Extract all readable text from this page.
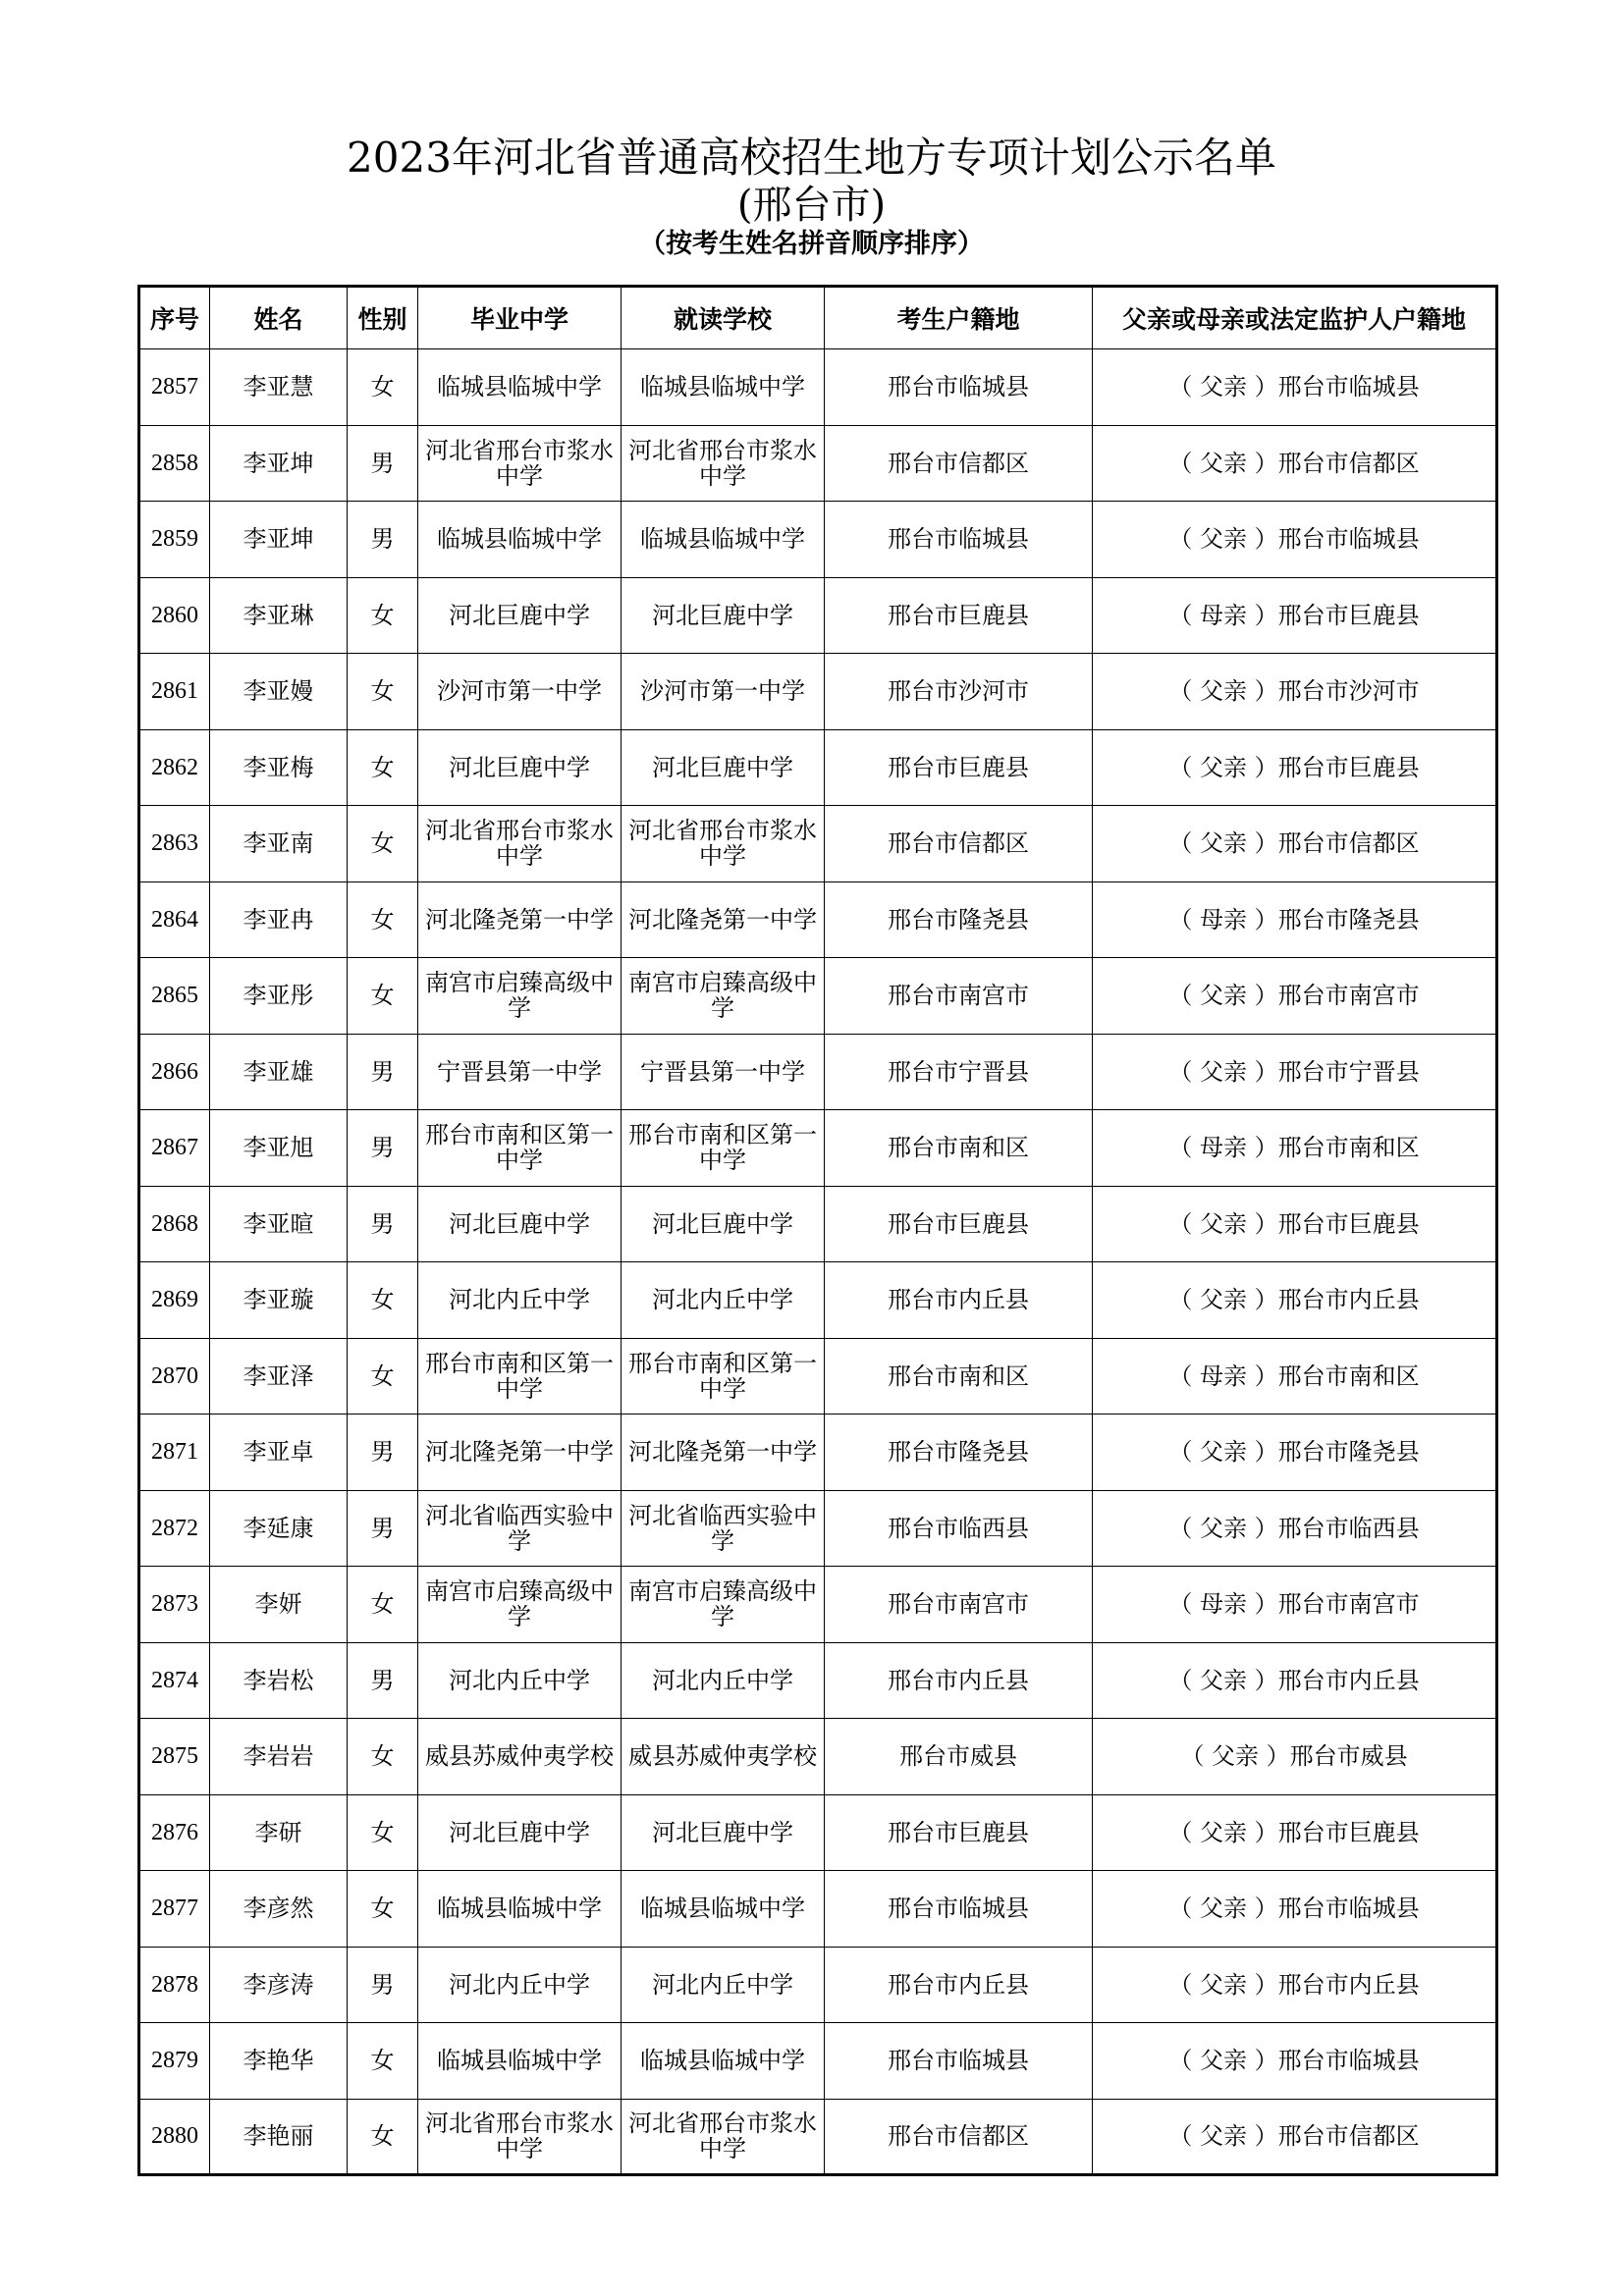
2023年河北省普通高校招生地方专项计划公示名单
(邢台市)
（按考生姓名拼音顺序排序）
序号	姓名	性别	毕业中学	就读学校	考生户籍地	父亲或母亲或法定监护人户籍地
2857	李亚慧	女	临城县临城中学	临城县临城中学	邢台市临城县	（ 父亲 ）邢台市临城县
2858	李亚坤	男	河北省邢台市浆水中学	河北省邢台市浆水中学	邢台市信都区	（ 父亲 ）邢台市信都区
2859	李亚坤	男	临城县临城中学	临城县临城中学	邢台市临城县	（ 父亲 ）邢台市临城县
2860	李亚琳	女	河北巨鹿中学	河北巨鹿中学	邢台市巨鹿县	（ 母亲 ）邢台市巨鹿县
2861	李亚嫚	女	沙河市第一中学	沙河市第一中学	邢台市沙河市	（ 父亲 ）邢台市沙河市
2862	李亚梅	女	河北巨鹿中学	河北巨鹿中学	邢台市巨鹿县	（ 父亲 ）邢台市巨鹿县
2863	李亚南	女	河北省邢台市浆水中学	河北省邢台市浆水中学	邢台市信都区	（ 父亲 ）邢台市信都区
2864	李亚冉	女	河北隆尧第一中学	河北隆尧第一中学	邢台市隆尧县	（ 母亲 ）邢台市隆尧县
2865	李亚彤	女	南宫市启臻高级中学	南宫市启臻高级中学	邢台市南宫市	（ 父亲 ）邢台市南宫市
2866	李亚雄	男	宁晋县第一中学	宁晋县第一中学	邢台市宁晋县	（ 父亲 ）邢台市宁晋县
2867	李亚旭	男	邢台市南和区第一中学	邢台市南和区第一中学	邢台市南和区	（ 母亲 ）邢台市南和区
2868	李亚暄	男	河北巨鹿中学	河北巨鹿中学	邢台市巨鹿县	（ 父亲 ）邢台市巨鹿县
2869	李亚璇	女	河北内丘中学	河北内丘中学	邢台市内丘县	（ 父亲 ）邢台市内丘县
2870	李亚泽	女	邢台市南和区第一中学	邢台市南和区第一中学	邢台市南和区	（ 母亲 ）邢台市南和区
2871	李亚卓	男	河北隆尧第一中学	河北隆尧第一中学	邢台市隆尧县	（ 父亲 ）邢台市隆尧县
2872	李延康	男	河北省临西实验中学	河北省临西实验中学	邢台市临西县	（ 父亲 ）邢台市临西县
2873	李妍	女	南宫市启臻高级中学	南宫市启臻高级中学	邢台市南宫市	（ 母亲 ）邢台市南宫市
2874	李岩松	男	河北内丘中学	河北内丘中学	邢台市内丘县	（ 父亲 ）邢台市内丘县
2875	李岩岩	女	威县苏威仲夷学校	威县苏威仲夷学校	邢台市威县	（ 父亲 ）邢台市威县
2876	李研	女	河北巨鹿中学	河北巨鹿中学	邢台市巨鹿县	（ 父亲 ）邢台市巨鹿县
2877	李彦然	女	临城县临城中学	临城县临城中学	邢台市临城县	（ 父亲 ）邢台市临城县
2878	李彦涛	男	河北内丘中学	河北内丘中学	邢台市内丘县	（ 父亲 ）邢台市内丘县
2879	李艳华	女	临城县临城中学	临城县临城中学	邢台市临城县	（ 父亲 ）邢台市临城县
2880	李艳丽	女	河北省邢台市浆水中学	河北省邢台市浆水中学	邢台市信都区	（ 父亲 ）邢台市信都区
